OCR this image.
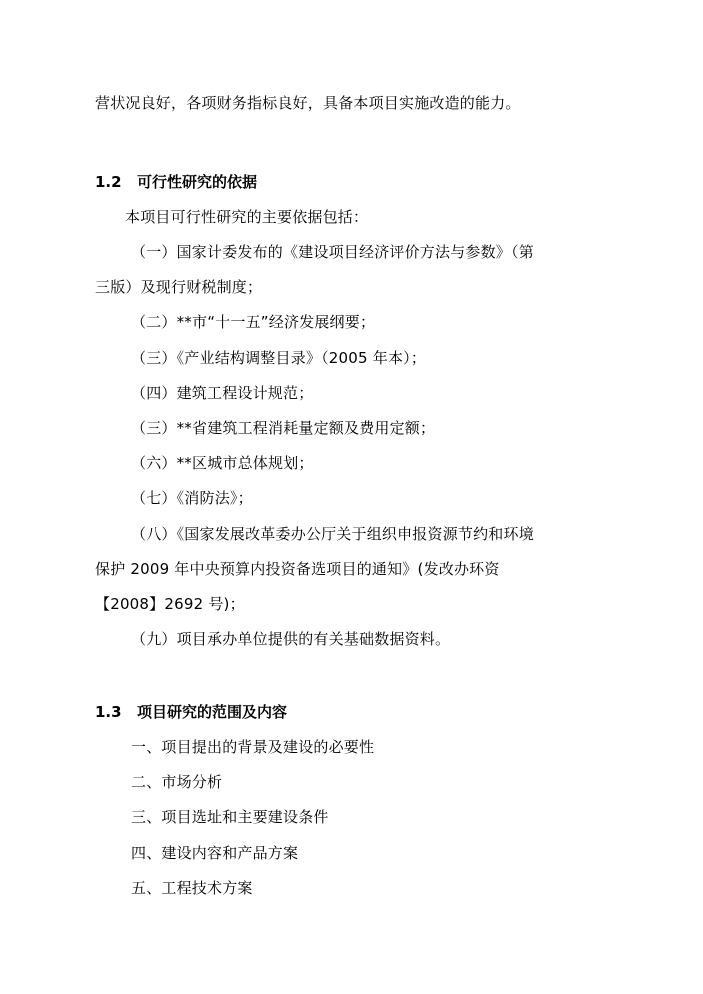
营状况良好，各项财务指标良好，具备本项目实施改造的能力。
1.2 可行性研究的依据
本项目可行性研究的主要依据包括：
（一）国家计委发布的《建设项目经济评价方法与参数》（第
三版）及现行财税制度；
（二）**市“十一五”经济发展纲要；
（三）《产业结构调整目录》（2005 年本）；
（四）建筑工程设计规范；
（三）**省建筑工程消耗量定额及费用定额；
（六）**区城市总体规划；
（七）《消防法》；
（八）《国家发展改革委办公厅关于组织申报资源节约和环境
保护 2009 年中央预算内投资备选项目的通知》(发改办环资
【2008】2692 号)；
（九）项目承办单位提供的有关基础数据资料。
1.3 项目研究的范围及内容
一、项目提出的背景及建设的必要性
二、市场分析
三、项目选址和主要建设条件
四、建设内容和产品方案
五、工程技术方案
